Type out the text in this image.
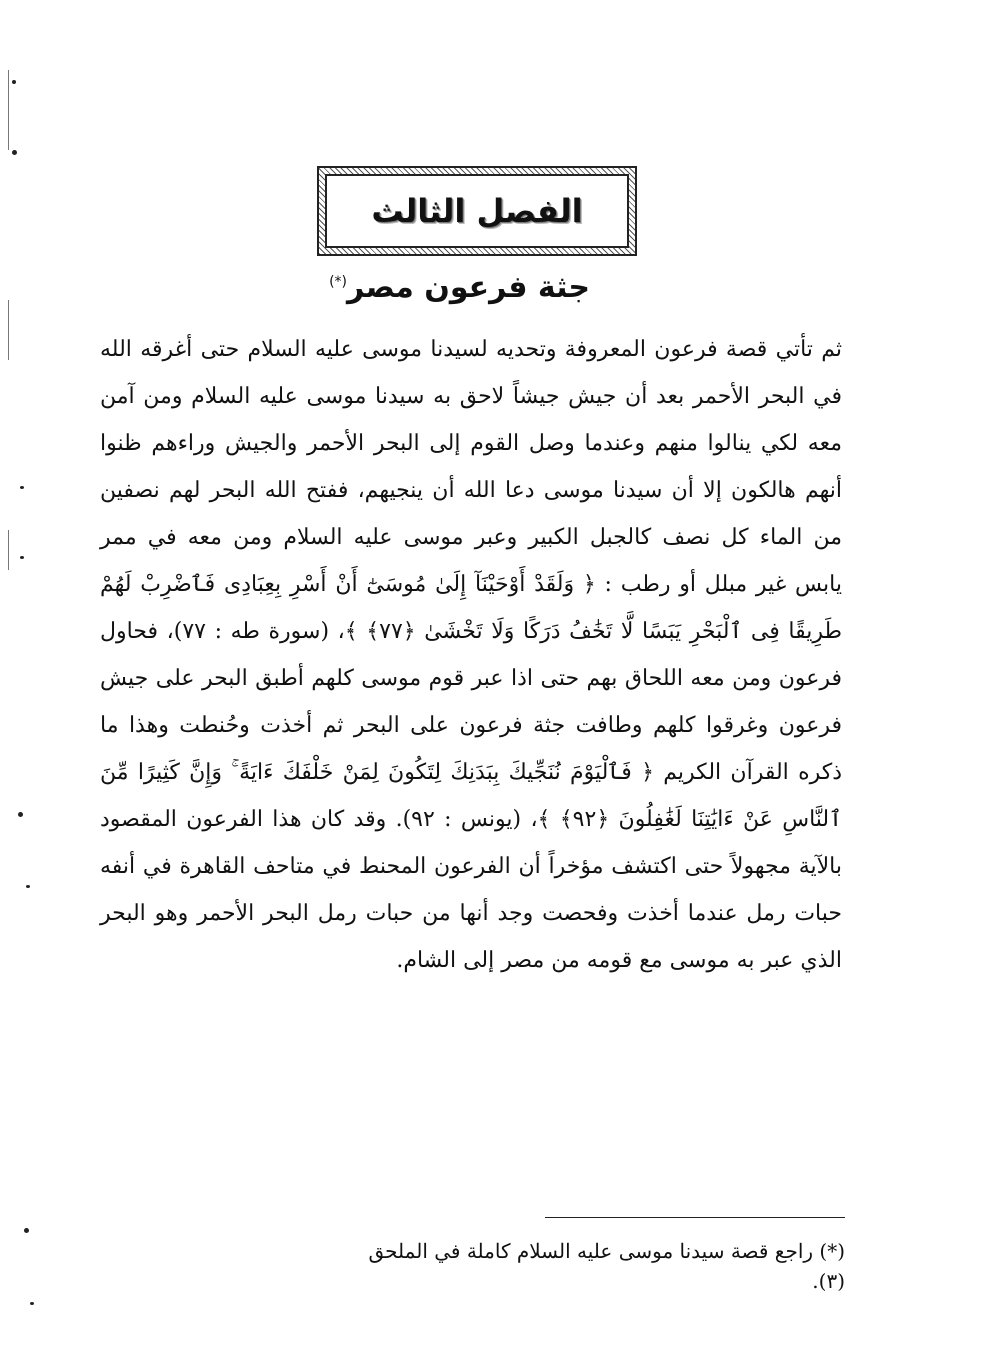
الفصل الثالث
جثة فرعون مصر(*)

ثم تأتي قصة فرعون المعروفة وتحديه لسيدنا موسى عليه السلام حتى أغرقه الله في البحر الأحمر بعد أن جيش جيشاً لاحق به سيدنا موسى عليه السلام ومن آمن معه لكي ينالوا منهم وعندما وصل القوم إلى البحر الأحمر والجيش وراءهم ظنوا أنهم هالكون إلا أن سيدنا موسى دعا الله أن ينجيهم، ففتح الله البحر لهم نصفين من الماء كل نصف كالجبل الكبير وعبر موسى عليه السلام ومن معه في ممر يابس غير مبلل أو رطب : ﴿ وَلَقَدْ أَوْحَيْنَآ إِلَىٰ مُوسَىٰٓ أَنْ أَسْرِ بِعِبَادِى فَٱضْرِبْ لَهُمْ طَرِيقًا فِى ٱلْبَحْرِ يَبَسًا لَّا تَخَٰفُ دَرَكًا وَلَا تَخْشَىٰ ﴿٧٧﴾ ﴾، (سورة طه : ٧٧)، فحاول فرعون ومن معه اللحاق بهم حتى اذا عبر قوم موسى كلهم أطبق البحر على جيش فرعون وغرقوا كلهم وطافت جثة فرعون على البحر ثم أخذت وحُنطت وهذا ما ذكره القرآن الكريم ﴿ فَٱلْيَوْمَ نُنَجِّيكَ بِبَدَنِكَ لِتَكُونَ لِمَنْ خَلْفَكَ ءَايَةً ۚ وَإِنَّ كَثِيرًا مِّنَ ٱلنَّاسِ عَنْ ءَايَٰتِنَا لَغَٰفِلُونَ ﴿٩٢﴾ ﴾، (يونس : ٩٢). وقد كان هذا الفرعون المقصود بالآية مجهولاً حتى اكتشف مؤخراً أن الفرعون المحنط في متاحف القاهرة في أنفه حبات رمل عندما أخذت وفحصت وجد أنها من حبات رمل البحر الأحمر وهو البحر الذي عبر به موسى مع قومه من مصر إلى الشام.

(*) راجع قصة سيدنا موسى عليه السلام كاملة في الملحق (٣).
